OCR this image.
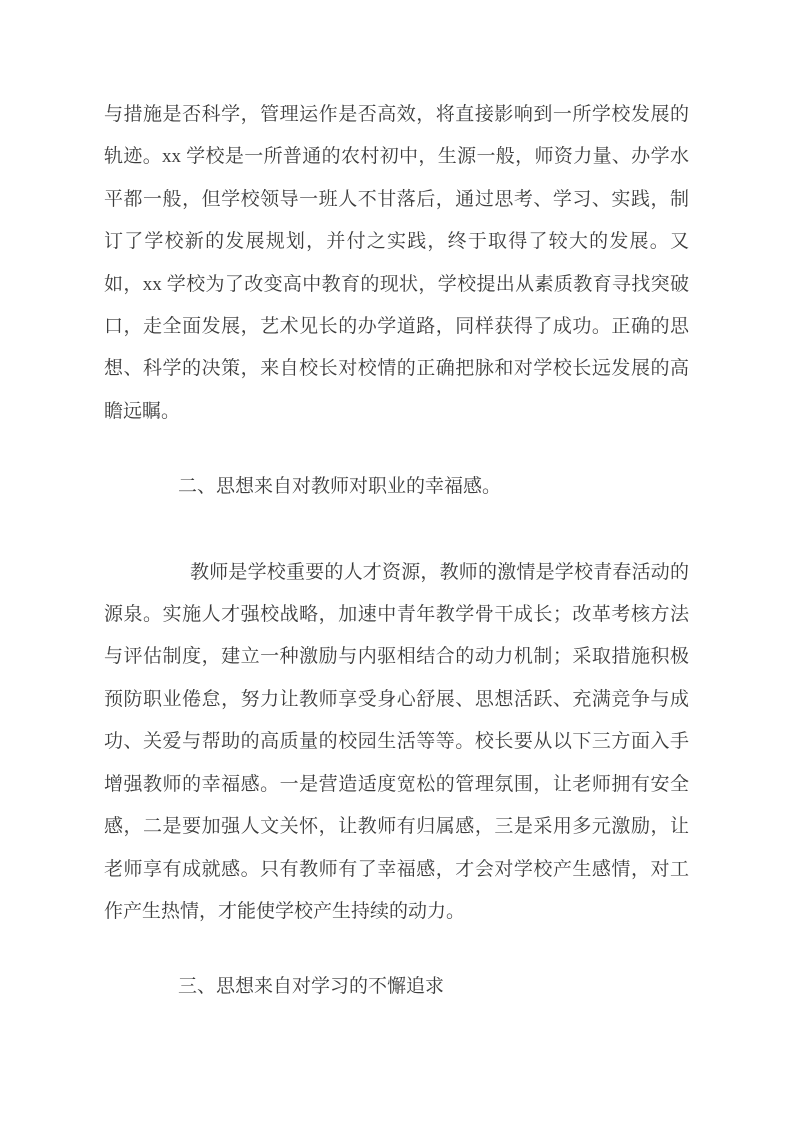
与措施是否科学，管理运作是否高效，将直接影响到一所学校发展的轨迹。xx 学校是一所普通的农村初中，生源一般，师资力量、办学水平都一般，但学校领导一班人不甘落后，通过思考、学习、实践，制订了学校新的发展规划，并付之实践，终于取得了较大的发展。又如，xx 学校为了改变高中教育的现状，学校提出从素质教育寻找突破口，走全面发展，艺术见长的办学道路，同样获得了成功。正确的思想、科学的决策，来自校长对校情的正确把脉和对学校长远发展的高瞻远瞩。

二、思想来自对教师对职业的幸福感。

教师是学校重要的人才资源，教师的激情是学校青春活动的源泉。实施人才强校战略，加速中青年教学骨干成长；改革考核方法与评估制度，建立一种激励与内驱相结合的动力机制；采取措施积极预防职业倦怠，努力让教师享受身心舒展、思想活跃、充满竞争与成功、关爱与帮助的高质量的校园生活等等。校长要从以下三方面入手增强教师的幸福感。一是营造适度宽松的管理氛围，让老师拥有安全感，二是要加强人文关怀，让教师有归属感，三是采用多元激励，让老师享有成就感。只有教师有了幸福感，才会对学校产生感情，对工作产生热情，才能使学校产生持续的动力。

三、思想来自对学习的不懈追求
